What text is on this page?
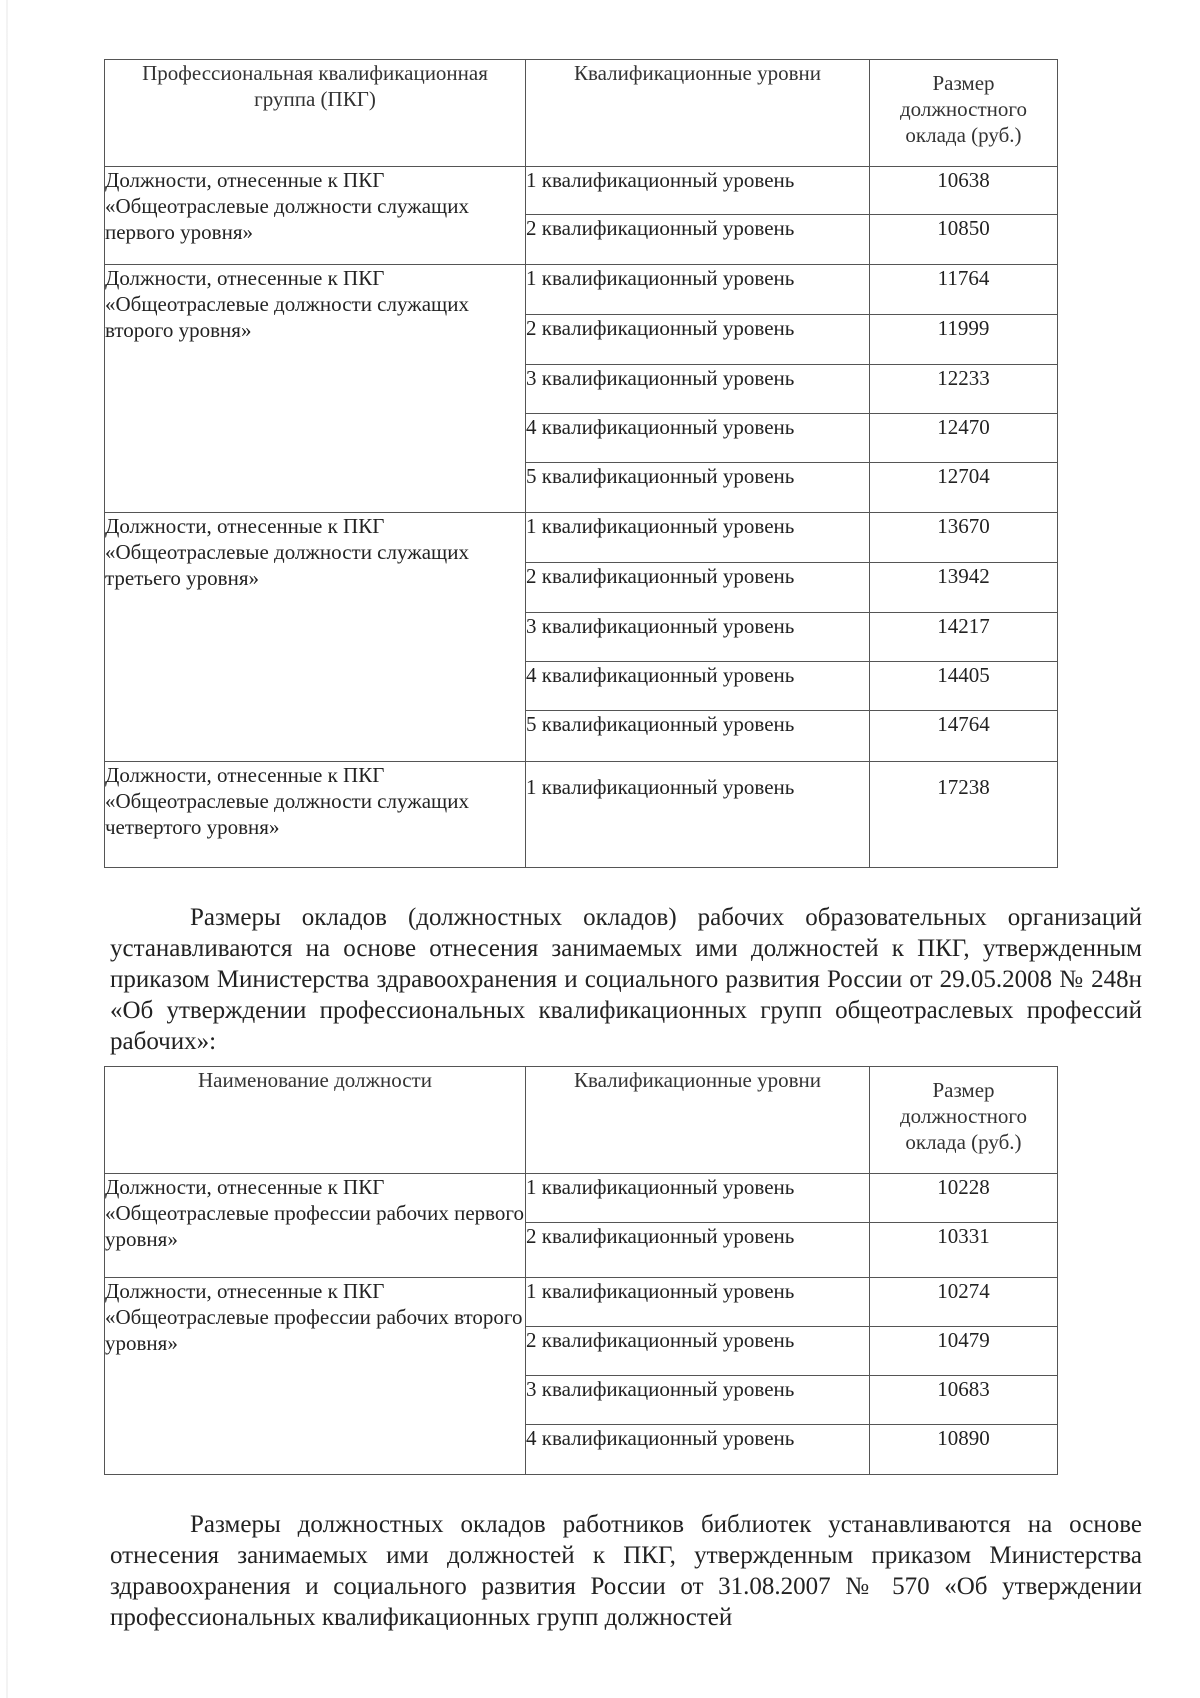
Профессиональная квалификационная группа (ПКГ)	Квалификационные уровни	Размер должностного оклада (руб.)
Должности, отнесенные к ПКГ «Общеотраслевые должности служащих первого уровня»	1 квалификационный уровень	10638
	2 квалификационный уровень	10850
Должности, отнесенные к ПКГ «Общеотраслевые должности служащих второго уровня»	1 квалификационный уровень	11764
	2 квалификационный уровень	11999
	3 квалификационный уровень	12233
	4 квалификационный уровень	12470
	5 квалификационный уровень	12704
Должности, отнесенные к ПКГ «Общеотраслевые должности служащих третьего уровня»	1 квалификационный уровень	13670
	2 квалификационный уровень	13942
	3 квалификационный уровень	14217
	4 квалификационный уровень	14405
	5 квалификационный уровень	14764
Должности, отнесенные к ПКГ «Общеотраслевые должности служащих четвертого уровня»	1 квалификационный уровень	17238
Размеры окладов (должностных окладов) рабочих образовательных организаций устанавливаются на основе отнесения занимаемых ими должностей к ПКГ, утвержденным приказом Министерства здравоохранения и социального развития России от 29.05.2008 № 248н «Об утверждении профессиональных квалификационных групп общеотраслевых профессий рабочих»:
Наименование должности	Квалификационные уровни	Размер должностного оклада (руб.)
Должности, отнесенные к ПКГ «Общеотраслевые профессии рабочих первого уровня»	1 квалификационный уровень	10228
	2 квалификационный уровень	10331
Должности, отнесенные к ПКГ «Общеотраслевые профессии рабочих второго уровня»	1 квалификационный уровень	10274
	2 квалификационный уровень	10479
	3 квалификационный уровень	10683
	4 квалификационный уровень	10890
Размеры должностных окладов работников библиотек устанавливаются на основе отнесения занимаемых ими должностей к ПКГ, утвержденным приказом Министерства здравоохранения и социального развития России от 31.08.2007 № 570 «Об утверждении профессиональных квалификационных групп должностей
